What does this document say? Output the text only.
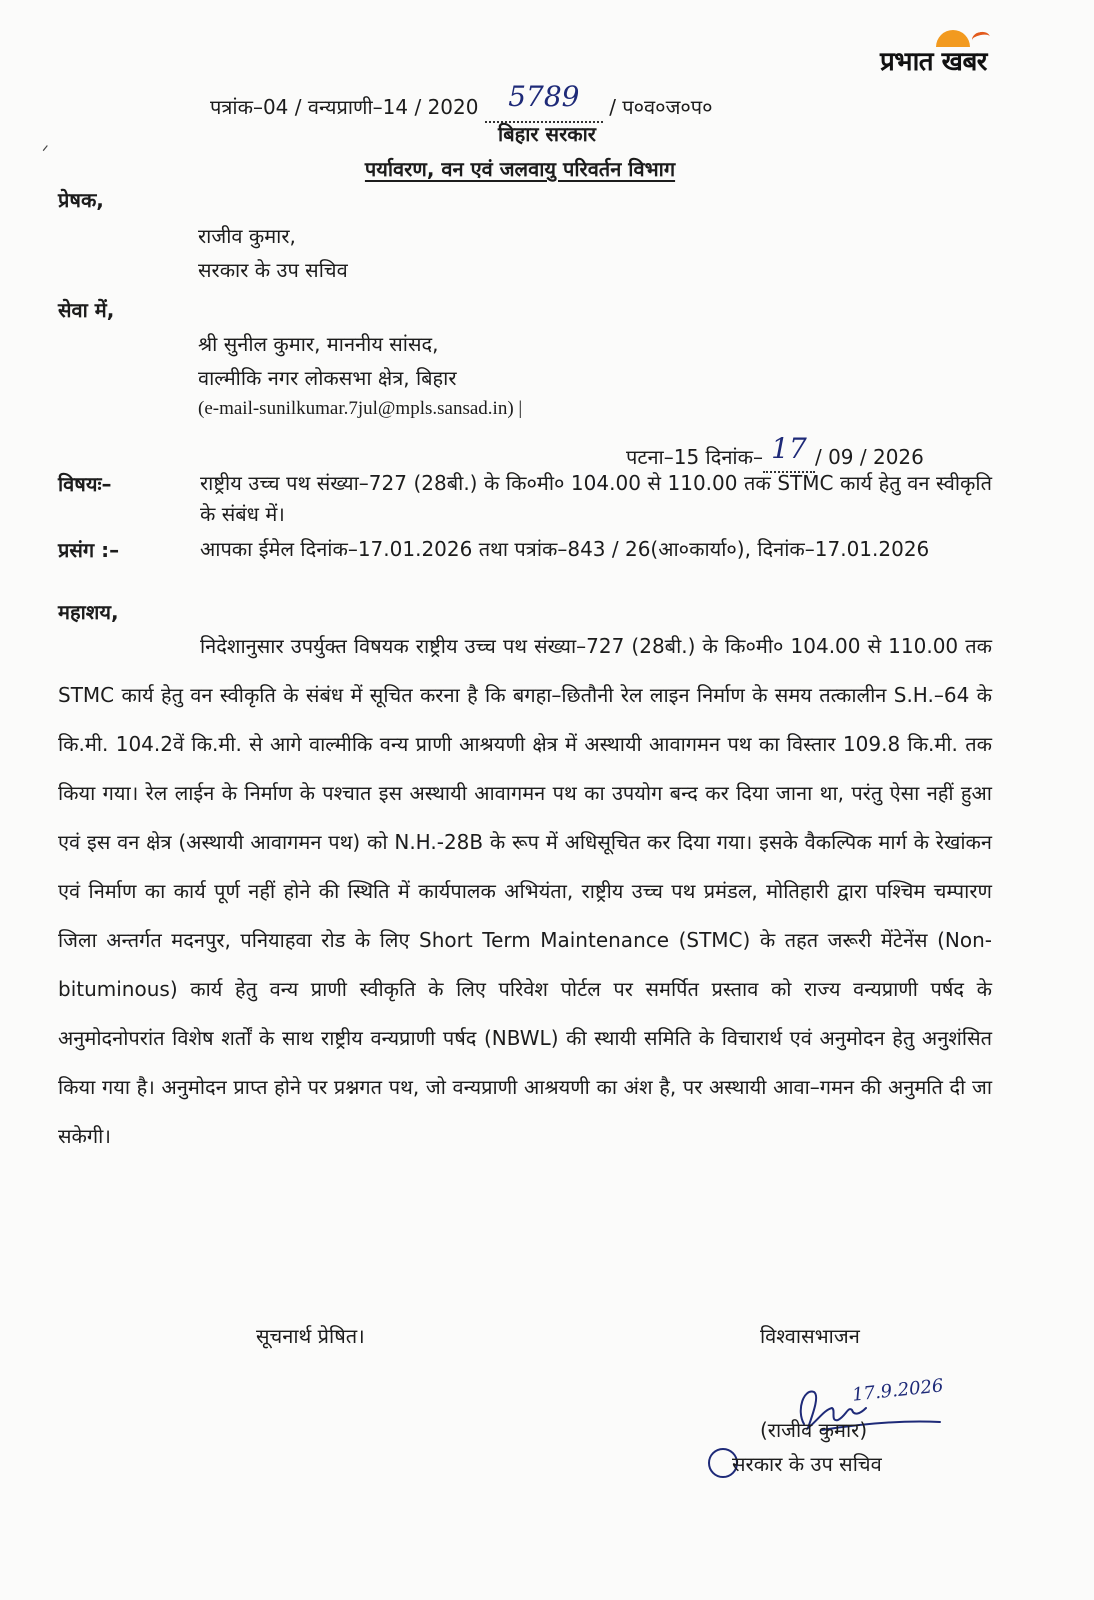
प्रभात खबर
ᐟ
पत्रांक–04 / वन्यप्राणी–14 / 2020 5789 / प०व०ज०प०
बिहार सरकार
पर्यावरण, वन एवं जलवायु परिवर्तन विभाग
प्रेषक,
राजीव कुमार,
सरकार के उप सचिव
सेवा में,
श्री सुनील कुमार, माननीय सांसद,
वाल्मीकि नगर लोकसभा क्षेत्र, बिहार
(e-mail-sunilkumar.7jul@mpls.sansad.in) |
पटना–15 दिनांक– 17 / 09 / 2026
विषयः–	राष्ट्रीय उच्च पथ संख्या–727 (28बी.) के कि०मी० 104.00 से 110.00 तक STMC कार्य हेतु वन स्वीकृति के संबंध में।
प्रसंग :–	आपका ईमेल दिनांक–17.01.2026 तथा पत्रांक–843 / 26(आ०कार्या०), दिनांक–17.01.2026
महाशय,
निदेशानुसार उपर्युक्त विषयक राष्ट्रीय उच्च पथ संख्या–727 (28बी.) के कि०मी० 104.00 से 110.00 तक STMC कार्य हेतु वन स्वीकृति के संबंध में सूचित करना है कि बगहा–छितौनी रेल लाइन निर्माण के समय तत्कालीन S.H.–64 के कि.मी. 104.2वें कि.मी. से आगे वाल्मीकि वन्य प्राणी आश्रयणी क्षेत्र में अस्थायी आवागमन पथ का विस्तार 109.8 कि.मी. तक किया गया। रेल लाईन के निर्माण के पश्चात इस अस्थायी आवागमन पथ का उपयोग बन्द कर दिया जाना था, परंतु ऐसा नहीं हुआ एवं इस वन क्षेत्र (अस्थायी आवागमन पथ) को N.H.-28B के रूप में अधिसूचित कर दिया गया। इसके वैकल्पिक मार्ग के रेखांकन एवं निर्माण का कार्य पूर्ण नहीं होने की स्थिति में कार्यपालक अभियंता, राष्ट्रीय उच्च पथ प्रमंडल, मोतिहारी द्वारा पश्चिम चम्पारण जिला अन्तर्गत मदनपुर, पनियाहवा रोड के लिए Short Term Maintenance (STMC) के तहत जरूरी मेंटेनेंस (Non-bituminous) कार्य हेतु वन्य प्राणी स्वीकृति के लिए परिवेश पोर्टल पर समर्पित प्रस्ताव को राज्य वन्यप्राणी पर्षद के अनुमोदनोपरांत विशेष शर्तों के साथ राष्ट्रीय वन्यप्राणी पर्षद (NBWL) की स्थायी समिति के विचारार्थ एवं अनुमोदन हेतु अनुशंसित किया गया है। अनुमोदन प्राप्त होने पर प्रश्नगत पथ, जो वन्यप्राणी आश्रयणी का अंश है, पर अस्थायी आवा–गमन की अनुमति दी जा सकेगी।
सूचनार्थ प्रेषित।	विश्वासभाजन
17.9.2026
(राजीव कुमार)
सरकार के उप सचिव
